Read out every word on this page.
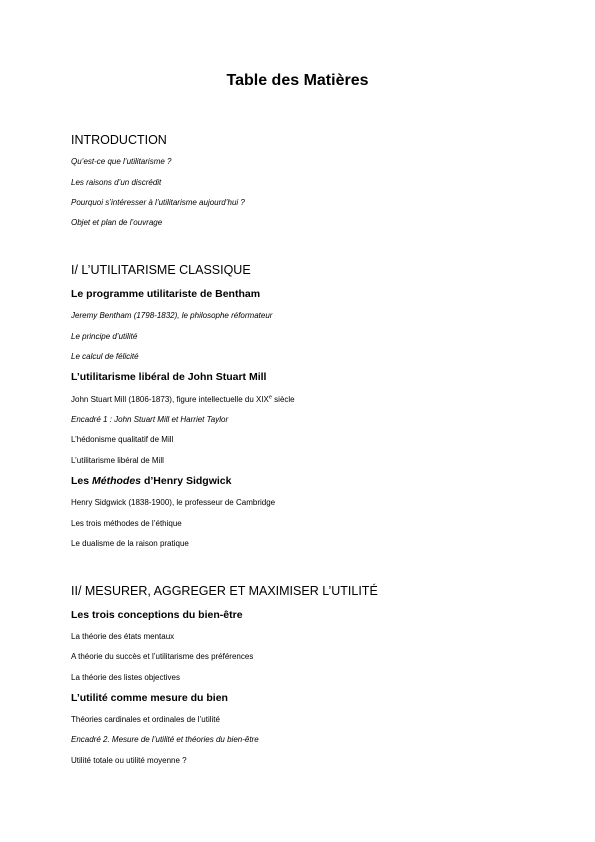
Table des Matières
INTRODUCTION
Qu’est-ce que l’utilitarisme ?
Les raisons d’un discrédit
Pourquoi s’intéresser à l’utilitarisme aujourd’hui ?
Objet et plan de l’ouvrage
I/ L’UTILITARISME CLASSIQUE
Le programme utilitariste de Bentham
Jeremy Bentham (1798-1832), le philosophe réformateur
Le principe d’utilité
Le calcul de félicité
L’utilitarisme libéral de John Stuart Mill
John Stuart Mill (1806-1873), figure intellectuelle du XIXe siècle
Encadré 1 : John Stuart Mill et Harriet Taylor
L’hédonisme qualitatif de Mill
L’utilitarisme libéral de Mill
Les Méthodes d’Henry Sidgwick
Henry Sidgwick (1838-1900), le professeur de Cambridge
Les trois méthodes de l’éthique
Le dualisme de la raison pratique
II/ MESURER, AGGREGER ET MAXIMISER L’UTILITÉ
Les trois conceptions du bien-être
La théorie des états mentaux
A théorie du succès et l’utilitarisme des préférences
La théorie des listes objectives
L’utilité comme mesure du bien
Théories cardinales et ordinales de l’utilité
Encadré 2. Mesure de l’utilité et théories du bien-être
Utilité totale ou utilité moyenne ?
